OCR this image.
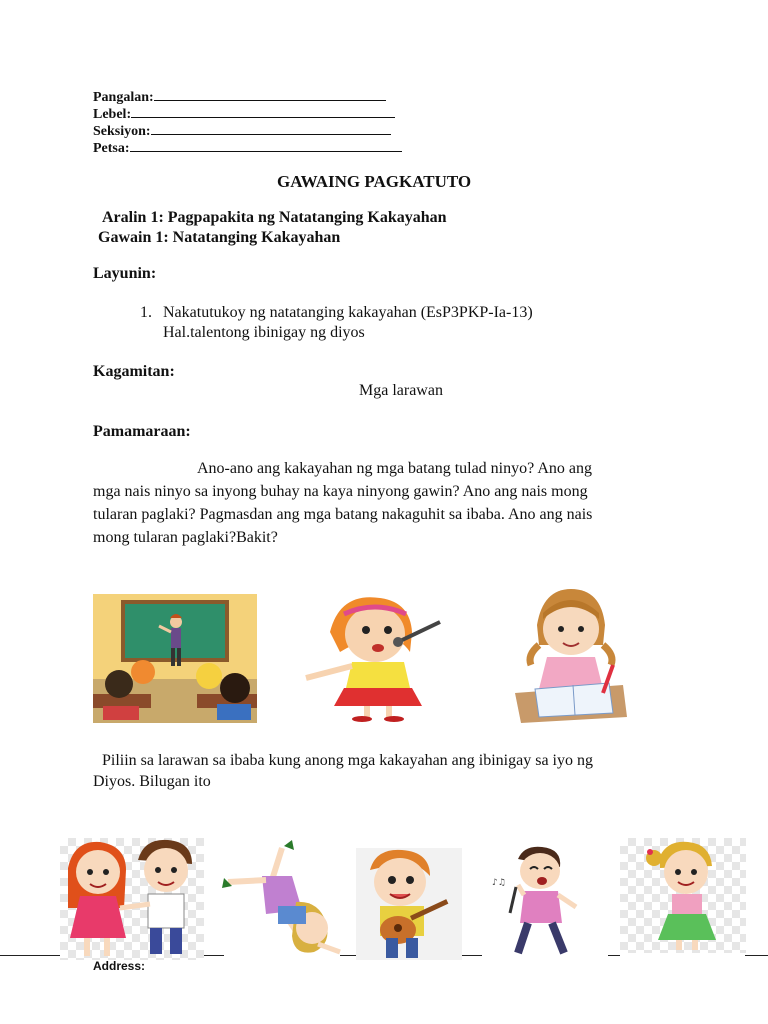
Pangalan:
Lebel:
Seksiyon:
Petsa:
GAWAING PAGKATUTO
Aralin 1: Pagpapakita ng Natatanging Kakayahan
Gawain 1: Natatanging Kakayahan
Layunin:
1. Nakatutukoy ng natatanging kakayahan (EsP3PKP-Ia-13)
Hal.talentong ibinigay ng diyos
Kagamitan:
Mga larawan
Pamamaraan:
Ano-ano ang kakayahan ng mga batang tulad ninyo? Ano ang
mga nais ninyo sa inyong buhay na kaya ninyong gawin? Ano ang nais mong
tularan paglaki? Pagmasdan ang mga batang nakaguhit sa ibaba. Ano ang nais
mong tularan paglaki?Bakit?
Piliin sa larawan sa ibaba kung anong mga kakayahan ang ibinigay sa iyo ng
Diyos. Bilugan ito
♪♫
Address:
